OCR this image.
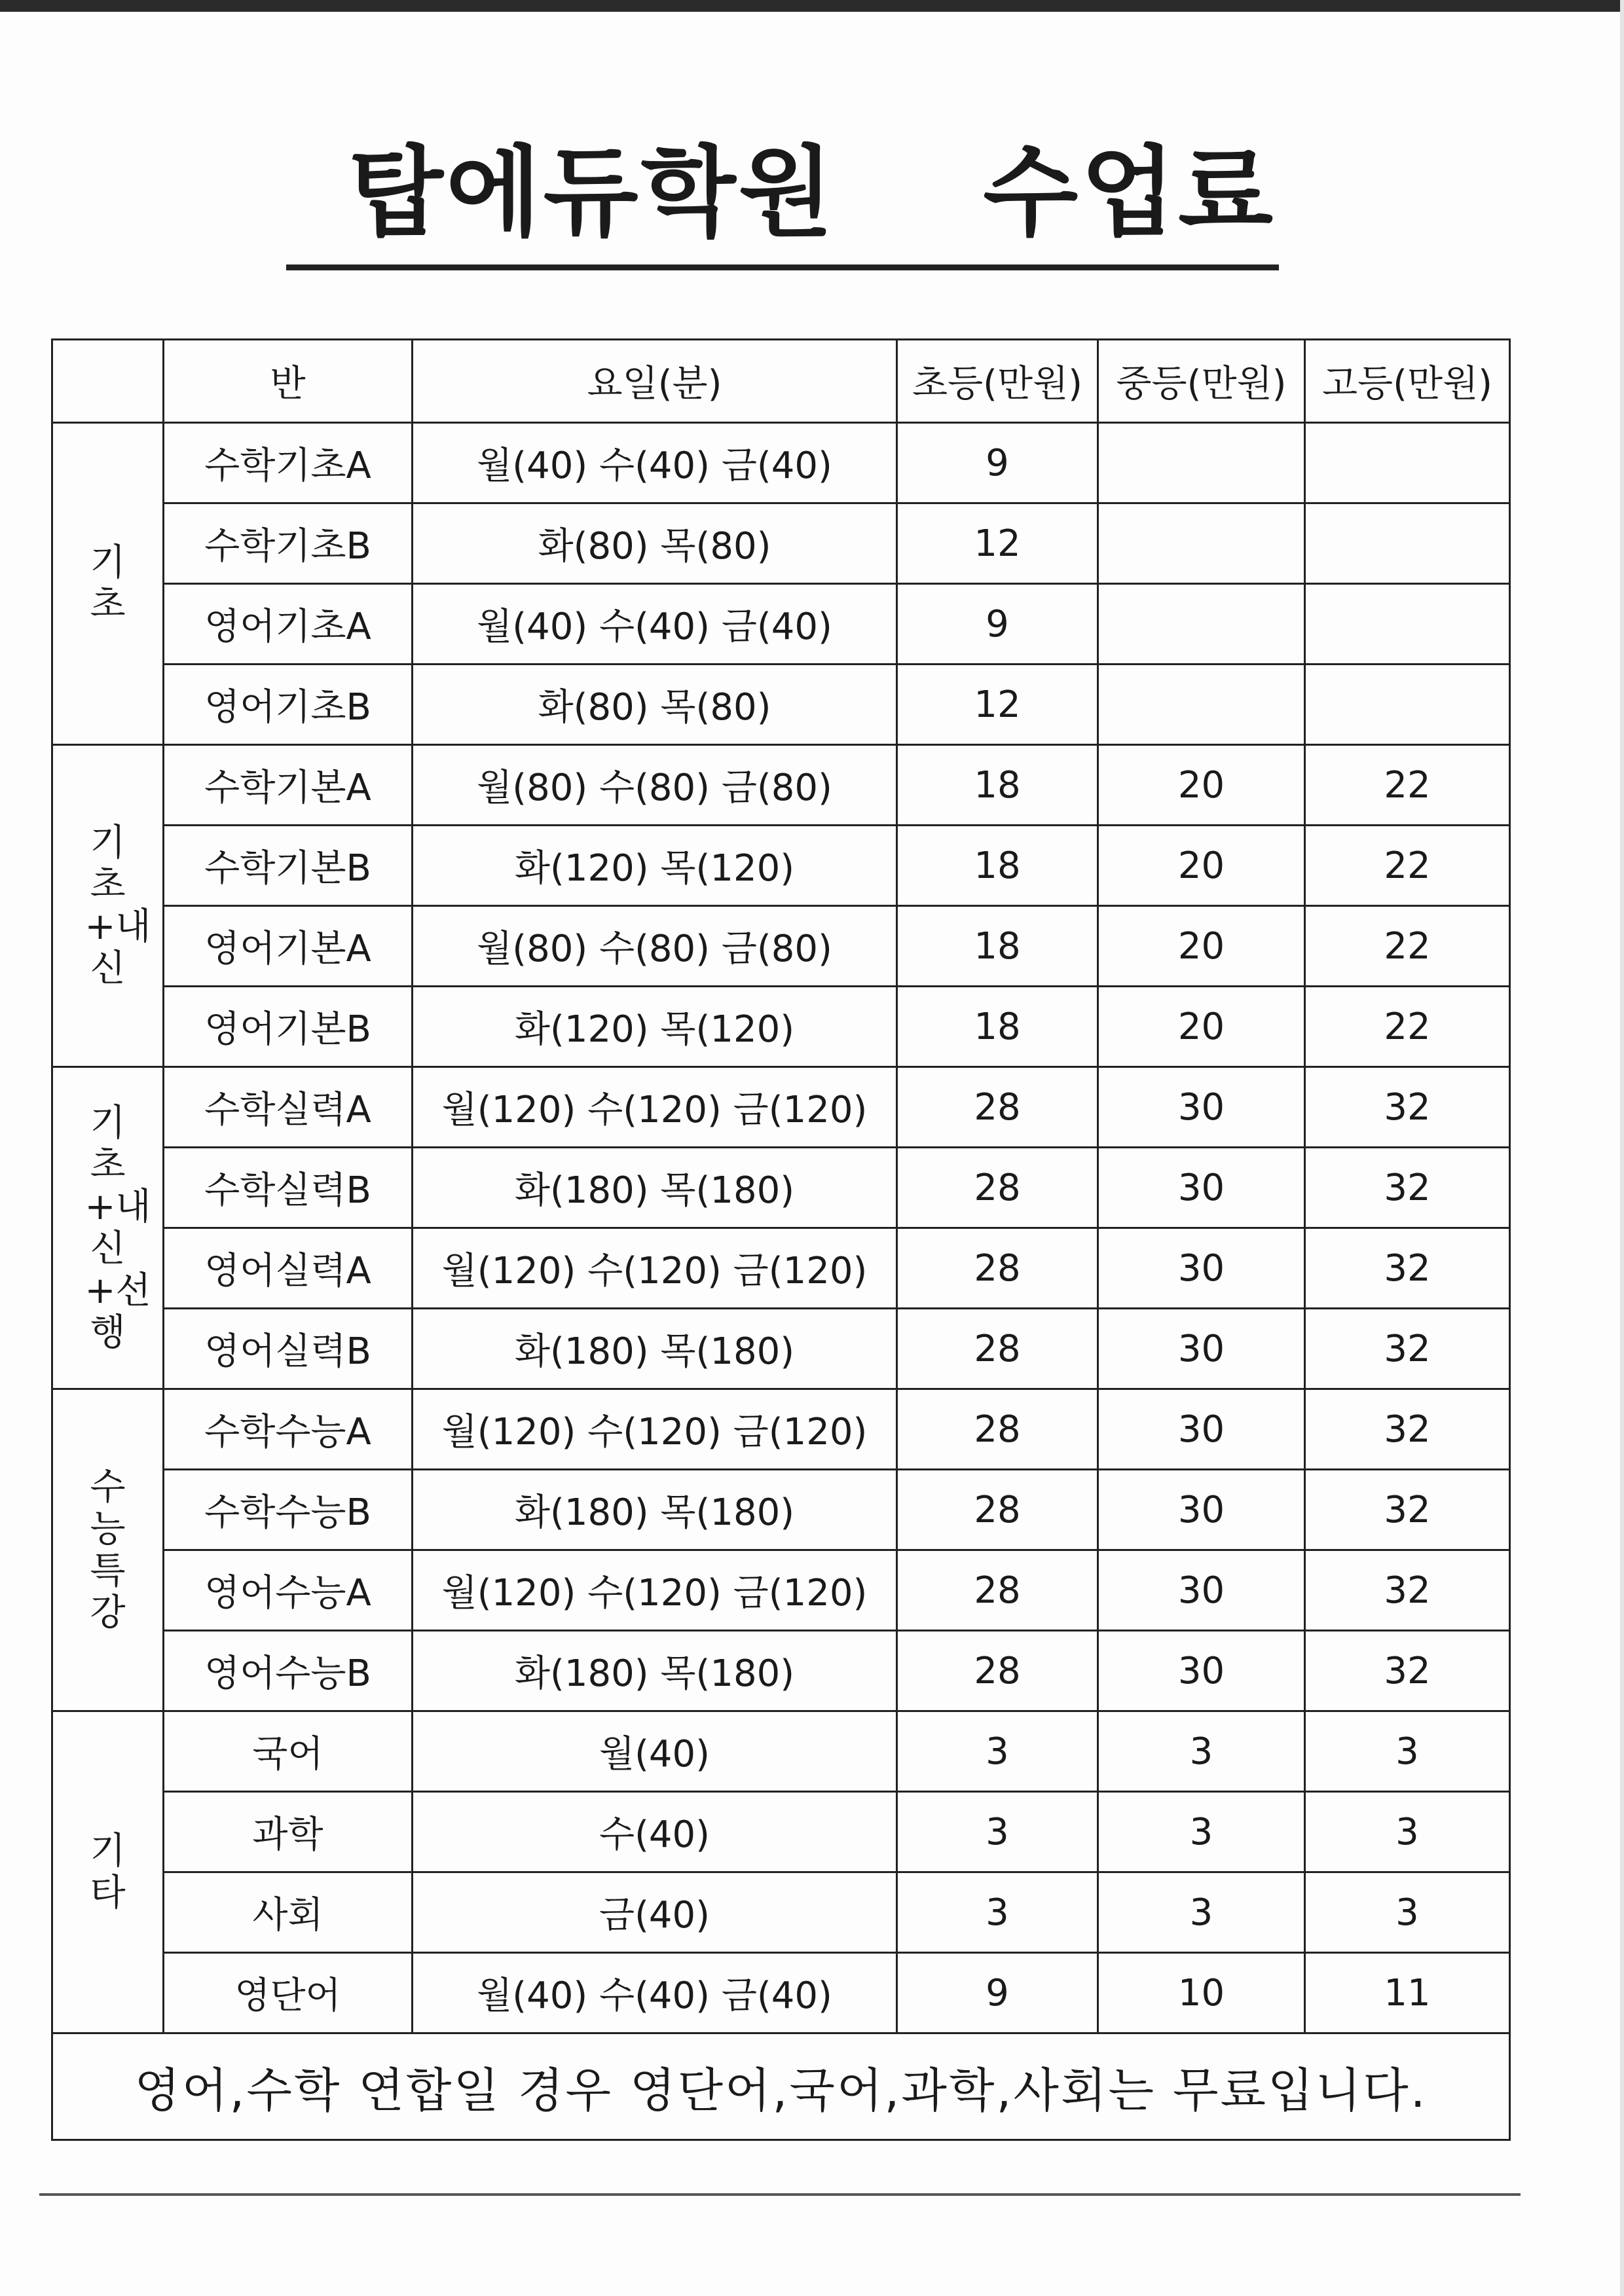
탑에듀학원    수업료
	반	요일(분)	초등(만원)	중등(만원)	고등(만원)

기초	수학기초A	월(40) 수(40) 금(40)	9		
	수학기초B	화(80) 목(80)	12		
	영어기초A	월(40) 수(40) 금(40)	9		
	영어기초B	화(80) 목(80)	12		

기초+내신	수학기본A	월(80) 수(80) 금(80)	18	20	22
	수학기본B	화(120) 목(120)	18	20	22
	영어기본A	월(80) 수(80) 금(80)	18	20	22
	영어기본B	화(120) 목(120)	18	20	22

기초+내신+선행	수학실력A	월(120) 수(120) 금(120)	28	30	32
	수학실력B	화(180) 목(180)	28	30	32
	영어실력A	월(120) 수(120) 금(120)	28	30	32
	영어실력B	화(180) 목(180)	28	30	32

수능특강	수학수능A	월(120) 수(120) 금(120)	28	30	32
	수학수능B	화(180) 목(180)	28	30	32
	영어수능A	월(120) 수(120) 금(120)	28	30	32
	영어수능B	화(180) 목(180)	28	30	32

기타	국어	월(40)	3	3	3
	과학	수(40)	3	3	3
	사회	금(40)	3	3	3
	영단어	월(40) 수(40) 금(40)	9	10	11
영어,수학 연합일 경우 영단어,국어,과학,사회는 무료입니다.					
